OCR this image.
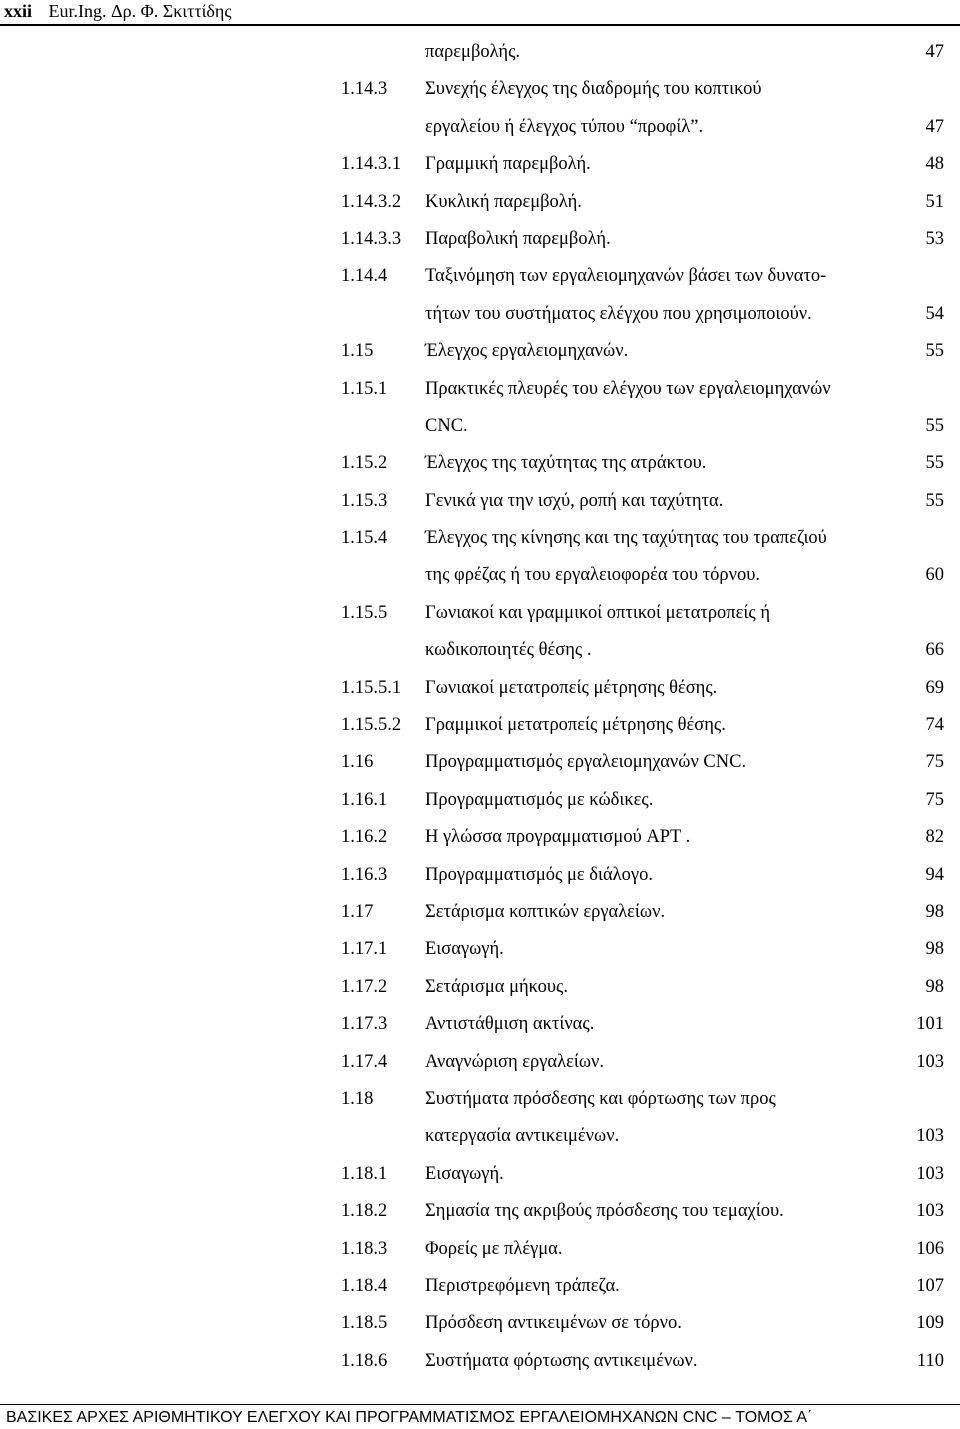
xxii Eur.Ing. Δρ. Φ. Σκιττίδης
παρεμβολής.	47
1.14.3 Συνεχής έλεγχος της διαδρομής του κοπτικού
εργαλείου ή έλεγχος τύπου “προφίλ”.	47
1.14.3.1 Γραμμική παρεμβολή.	48
1.14.3.2 Κυκλική παρεμβολή.	51
1.14.3.3 Παραβολική παρεμβολή.	53
1.14.4 Ταξινόμηση των εργαλειομηχανών βάσει των δυνατο-
τήτων του συστήματος ελέγχου που χρησιμοποιούν.	54
1.15	Έλεγχος εργαλειομηχανών.	55
1.15.1 Πρακτικές πλευρές του ελέγχου των εργαλειομηχανών
CNC.	55
1.15.2 Έλεγχος της ταχύτητας της ατράκτου.	55
1.15.3 Γενικά για την ισχύ, ροπή και ταχύτητα.	55
1.15.4 Έλεγχος της κίνησης και της ταχύτητας του τραπεζιού
της φρέζας ή του εργαλειοφορέα του τόρνου.	60
1.15.5 Γωνιακοί και γραμμικοί οπτικοί μετατροπείς ή
κωδικοποιητές θέσης .	66
1.15.5.1 Γωνιακοί μετατροπείς μέτρησης θέσης.	69
1.15.5.2 Γραμμικοί μετατροπείς μέτρησης θέσης.	74
1.16	Προγραμματισμός εργαλειομηχανών CNC.	75
1.16.1 Προγραμματισμός με κώδικες.	75
1.16.2 Η γλώσσα προγραμματισμού APT .	82
1.16.3 Προγραμματισμός με διάλογο.	94
1.17	Σετάρισμα κοπτικών εργαλείων.	98
1.17.1 Εισαγωγή.	98
1.17.2 Σετάρισμα μήκους.	98
1.17.3 Αντιστάθμιση ακτίνας.	101
1.17.4 Αναγνώριση εργαλείων.	103
1.18	Συστήματα πρόσδεσης και φόρτωσης των προς
κατεργασία αντικειμένων.	103
1.18.1 Εισαγωγή.	103
1.18.2 Σημασία της ακριβούς πρόσδεσης του τεμαχίου.	103
1.18.3 Φορείς με πλέγμα.	106
1.18.4 Περιστρεφόμενη τράπεζα.	107
1.18.5 Πρόσδεση αντικειμένων σε τόρνο.	109
1.18.6 Συστήματα φόρτωσης αντικειμένων.	110
ΒΑΣΙΚΕΣ ΑΡΧΕΣ ΑΡΙΘΜΗΤΙΚΟΥ ΕΛΕΓΧΟΥ ΚΑΙ ΠΡΟΓΡΑΜΜΑΤΙΣΜΟΣ ΕΡΓΑΛΕΙΟΜΗΧΑΝΩΝ CNC – ΤΟΜΟΣ Α΄
